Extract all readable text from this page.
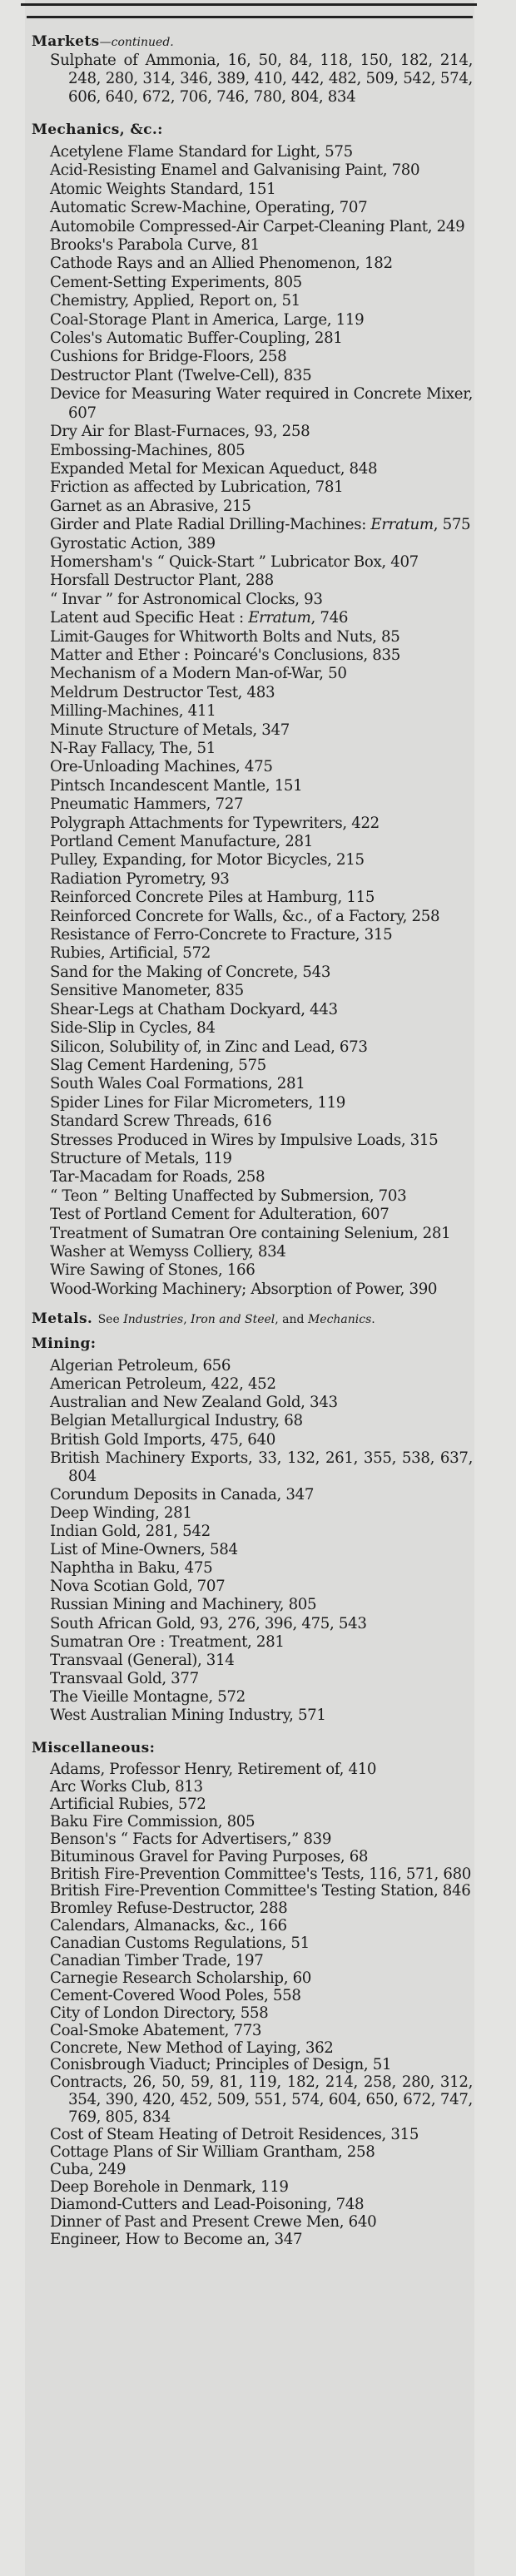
Markets—continued.
Sulphate of Ammonia, 16, 50, 84, 118, 150, 182, 214, 248, 280, 314, 346, 389, 410, 442, 482, 509, 542, 574, 606, 640, 672, 706, 746, 780, 804, 834
Mechanics, &c.:
Acetylene Flame Standard for Light, 575
Acid-Resisting Enamel and Galvanising Paint, 780
Atomic Weights Standard, 151
Automatic Screw-Machine, Operating, 707
Automobile Compressed-Air Carpet-Cleaning Plant, 249
Brooks's Parabola Curve, 81
Cathode Rays and an Allied Phenomenon, 182
Cement-Setting Experiments, 805
Chemistry, Applied, Report on, 51
Coal-Storage Plant in America, Large, 119
Coles's Automatic Buffer-Coupling, 281
Cushions for Bridge-Floors, 258
Destructor Plant (Twelve-Cell), 835
Device for Measuring Water required in Concrete Mixer, 607
Dry Air for Blast-Furnaces, 93, 258
Embossing-Machines, 805
Expanded Metal for Mexican Aqueduct, 848
Friction as affected by Lubrication, 781
Garnet as an Abrasive, 215
Girder and Plate Radial Drilling-Machines: Erratum, 575
Gyrostatic Action, 389
Homersham's “ Quick-Start ” Lubricator Box, 407
Horsfall Destructor Plant, 288
“ Invar ” for Astronomical Clocks, 93
Latent aud Specific Heat : Erratum, 746
Limit-Gauges for Whitworth Bolts and Nuts, 85
Matter and Ether : Poincaré's Conclusions, 835
Mechanism of a Modern Man-of-War, 50
Meldrum Destructor Test, 483
Milling-Machines, 411
Minute Structure of Metals, 347
N-Ray Fallacy, The, 51
Ore-Unloading Machines, 475
Pintsch Incandescent Mantle, 151
Pneumatic Hammers, 727
Polygraph Attachments for Typewriters, 422
Portland Cement Manufacture, 281
Pulley, Expanding, for Motor Bicycles, 215
Radiation Pyrometry, 93
Reinforced Concrete Piles at Hamburg, 115
Reinforced Concrete for Walls, &c., of a Factory, 258
Resistance of Ferro-Concrete to Fracture, 315
Rubies, Artificial, 572
Sand for the Making of Concrete, 543
Sensitive Manometer, 835
Shear-Legs at Chatham Dockyard, 443
Side-Slip in Cycles, 84
Silicon, Solubility of, in Zinc and Lead, 673
Slag Cement Hardening, 575
South Wales Coal Formations, 281
Spider Lines for Filar Micrometers, 119
Standard Screw Threads, 616
Stresses Produced in Wires by Impulsive Loads, 315
Structure of Metals, 119
Tar-Macadam for Roads, 258
“ Teon ” Belting Unaffected by Submersion, 703
Test of Portland Cement for Adulteration, 607
Treatment of Sumatran Ore containing Selenium, 281
Washer at Wemyss Colliery, 834
Wire Sawing of Stones, 166
Wood-Working Machinery; Absorption of Power, 390
Metals. See Industries, Iron and Steel, and Mechanics.
Mining:
Algerian Petroleum, 656
American Petroleum, 422, 452
Australian and New Zealand Gold, 343
Belgian Metallurgical Industry, 68
British Gold Imports, 475, 640
British Machinery Exports, 33, 132, 261, 355, 538, 637, 804
Corundum Deposits in Canada, 347
Deep Winding, 281
Indian Gold, 281, 542
List of Mine-Owners, 584
Naphtha in Baku, 475
Nova Scotian Gold, 707
Russian Mining and Machinery, 805
South African Gold, 93, 276, 396, 475, 543
Sumatran Ore : Treatment, 281
Transvaal (General), 314
Transvaal Gold, 377
The Vieille Montagne, 572
West Australian Mining Industry, 571
Miscellaneous:
Adams, Professor Henry, Retirement of, 410
Arc Works Club, 813
Artificial Rubies, 572
Baku Fire Commission, 805
Benson's “ Facts for Advertisers,” 839
Bituminous Gravel for Paving Purposes, 68
British Fire-Prevention Committee's Tests, 116, 571, 680
British Fire-Prevention Committee's Testing Station, 846
Bromley Refuse-Destructor, 288
Calendars, Almanacks, &c., 166
Canadian Customs Regulations, 51
Canadian Timber Trade, 197
Carnegie Research Scholarship, 60
Cement-Covered Wood Poles, 558
City of London Directory, 558
Coal-Smoke Abatement, 773
Concrete, New Method of Laying, 362
Conisbrough Viaduct; Principles of Design, 51
Contracts, 26, 50, 59, 81, 119, 182, 214, 258, 280, 312, 354, 390, 420, 452, 509, 551, 574, 604, 650, 672, 747, 769, 805, 834
Cost of Steam Heating of Detroit Residences, 315
Cottage Plans of Sir William Grantham, 258
Cuba, 249
Deep Borehole in Denmark, 119
Diamond-Cutters and Lead-Poisoning, 748
Dinner of Past and Present Crewe Men, 640
Engineer, How to Become an, 347
